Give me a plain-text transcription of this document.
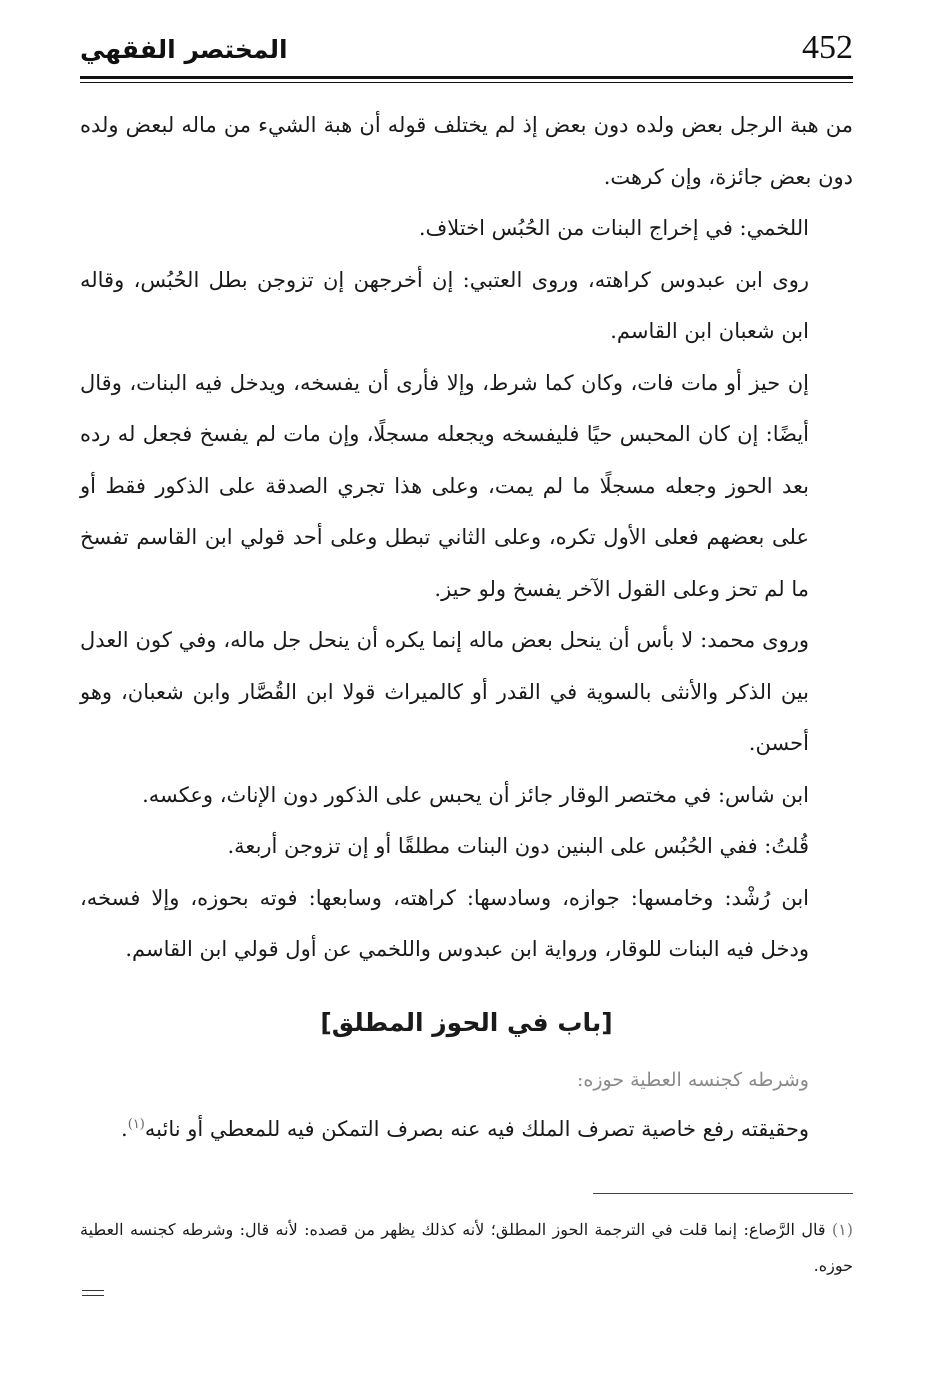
المختصر الفقهي	452

من هبة الرجل بعض ولده دون بعض إذ لم يختلف قوله أن هبة الشيء من ماله لبعض ولده دون بعض جائزة، وإن كرهت.

اللخمي: في إخراج البنات من الحُبُس اختلاف.

روى ابن عبدوس كراهته، وروى العتبي: إن أخرجهن إن تزوجن بطل الحُبُس، وقاله ابن شعبان ابن القاسم.

إن حيز أو مات فات، وكان كما شرط، وإلا فأرى أن يفسخه، ويدخل فيه البنات، وقال أيضًا: إن كان المحبس حيًا فليفسخه ويجعله مسجلًا، وإن مات لم يفسخ فجعل له رده بعد الحوز وجعله مسجلًا ما لم يمت، وعلى هذا تجري الصدقة على الذكور فقط أو على بعضهم فعلى الأول تكره، وعلى الثاني تبطل وعلى أحد قولي ابن القاسم تفسخ ما لم تحز وعلى القول الآخر يفسخ ولو حيز.

وروى محمد: لا بأس أن ينحل بعض ماله إنما يكره أن ينحل جل ماله، وفي كون العدل بين الذكر والأنثى بالسوية في القدر أو كالميراث قولا ابن القُصَّار وابن شعبان، وهو أحسن.

ابن شاس: في مختصر الوقار جائز أن يحبس على الذكور دون الإناث، وعكسه.

قُلتُ: ففي الحُبُس على البنين دون البنات مطلقًا أو إن تزوجن أربعة.

ابن رُشْد: وخامسها: جوازه، وسادسها: كراهته، وسابعها: فوته بحوزه، وإلا فسخه، ودخل فيه البنات للوقار، ورواية ابن عبدوس واللخمي عن أول قولي ابن القاسم.

[باب في الحوز المطلق]

وشرطه كجنسه العطية حوزه:

وحقيقته رفع خاصية تصرف الملك فيه عنه بصرف التمكن فيه للمعطي أو نائبه$^{(١)}$.

(١) قال الرَّصاع: إنما قلت في الترجمة الحوز المطلق؛ لأنه كذلك يظهر من قصده: لأنه قال: وشرطه كجنسه العطية حوزه.
